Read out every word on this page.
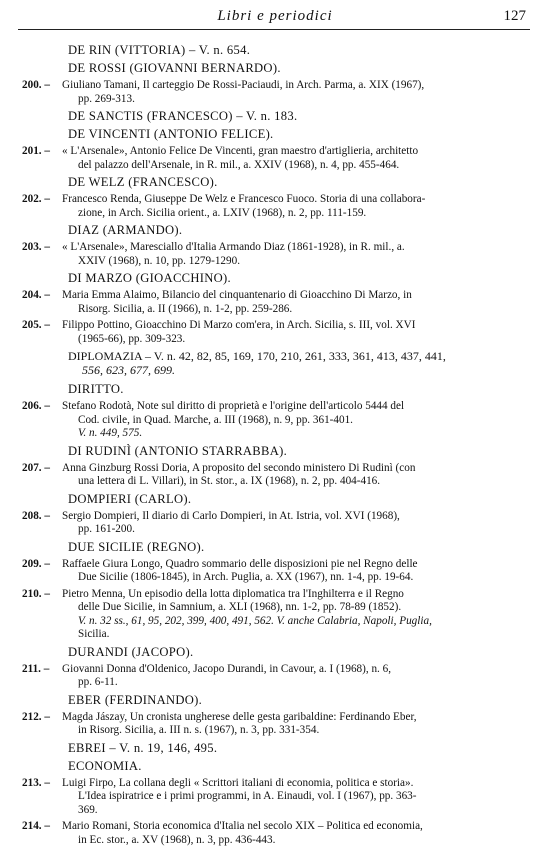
Libri e periodici	127
DE RIN (VITTORIA) – V. n. 654.
DE ROSSI (GIOVANNI BERNARDO).
200. –	Giuliano Tamani, Il carteggio De Rossi-Paciaudi, in Arch. Parma, a. XIX (1967),
pp. 269-313.
DE SANCTIS (FRANCESCO) – V. n. 183.
DE VINCENTI (ANTONIO FELICE).
201. –	« L'Arsenale», Antonio Felice De Vincenti, gran maestro d'artiglieria, architetto
del palazzo dell'Arsenale, in R. mil., a. XXIV (1968), n. 4, pp. 455-464.
DE WELZ (FRANCESCO).
202. –	Francesco Renda, Giuseppe De Welz e Francesco Fuoco. Storia di una collabora-
zione, in Arch. Sicilia orient., a. LXIV (1968), n. 2, pp. 111-159.
DIAZ (ARMANDO).
203. –	« L'Arsenale», Maresciallo d'Italia Armando Diaz (1861-1928), in R. mil., a.
XXIV (1968), n. 10, pp. 1279-1290.
DI MARZO (GIOACCHINO).
204. –	Maria Emma Alaimo, Bilancio del cinquantenario di Gioacchino Di Marzo, in
Risorg. Sicilia, a. II (1966), n. 1-2, pp. 259-286.
205. –	Filippo Pottino, Gioacchino Di Marzo com'era, in Arch. Sicilia, s. III, vol. XVI
(1965-66), pp. 309-323.
DIPLOMAZIA – V. n. 42, 82, 85, 169, 170, 210, 261, 333, 361, 413, 437, 441,
556, 623, 677, 699.
DIRITTO.
206. –	Stefano Rodotà, Note sul diritto di proprietà e l'origine dell'articolo 5444 del
Cod. civile, in Quad. Marche, a. III (1968), n. 9, pp. 361-401.
V. n. 449, 575.
DI RUDINÌ (ANTONIO STARRABBA).
207. –	Anna Ginzburg Rossi Doria, A proposito del secondo ministero Di Rudinì (con
una lettera di L. Villari), in St. stor., a. IX (1968), n. 2, pp. 404-416.
DOMPIERI (CARLO).
208. –	Sergio Dompieri, Il diario di Carlo Dompieri, in At. Istria, vol. XVI (1968),
pp. 161-200.
DUE SICILIE (REGNO).
209. –	Raffaele Giura Longo, Quadro sommario delle disposizioni pie nel Regno delle
Due Sicilie (1806-1845), in Arch. Puglia, a. XX (1967), nn. 1-4, pp. 19-64.
210. –	Pietro Menna, Un episodio della lotta diplomatica tra l'Inghilterra e il Regno
delle Due Sicilie, in Samnium, a. XLI (1968), nn. 1-2, pp. 78-89 (1852).
V. n. 32 ss., 61, 95, 202, 399, 400, 491, 562. V. anche Calabria, Napoli, Puglia,
Sicilia.
DURANDI (JACOPO).
211. –	Giovanni Donna d'Oldenico, Jacopo Durandi, in Cavour, a. I (1968), n. 6,
pp. 6-11.
EBER (FERDINANDO).
212. –	Magda Jászay, Un cronista ungherese delle gesta garibaldine: Ferdinando Eber,
in Risorg. Sicilia, a. III n. s. (1967), n. 3, pp. 331-354.
EBREI – V. n. 19, 146, 495.
ECONOMIA.
213. –	Luigi Firpo, La collana degli « Scrittori italiani di economia, politica e storia».
L'Idea ispiratrice e i primi programmi, in A. Einaudi, vol. I (1967), pp. 363-
369.
214. –	Mario Romani, Storia economica d'Italia nel secolo XIX – Politica ed economia,
in Ec. stor., a. XV (1968), n. 3, pp. 436-443.
